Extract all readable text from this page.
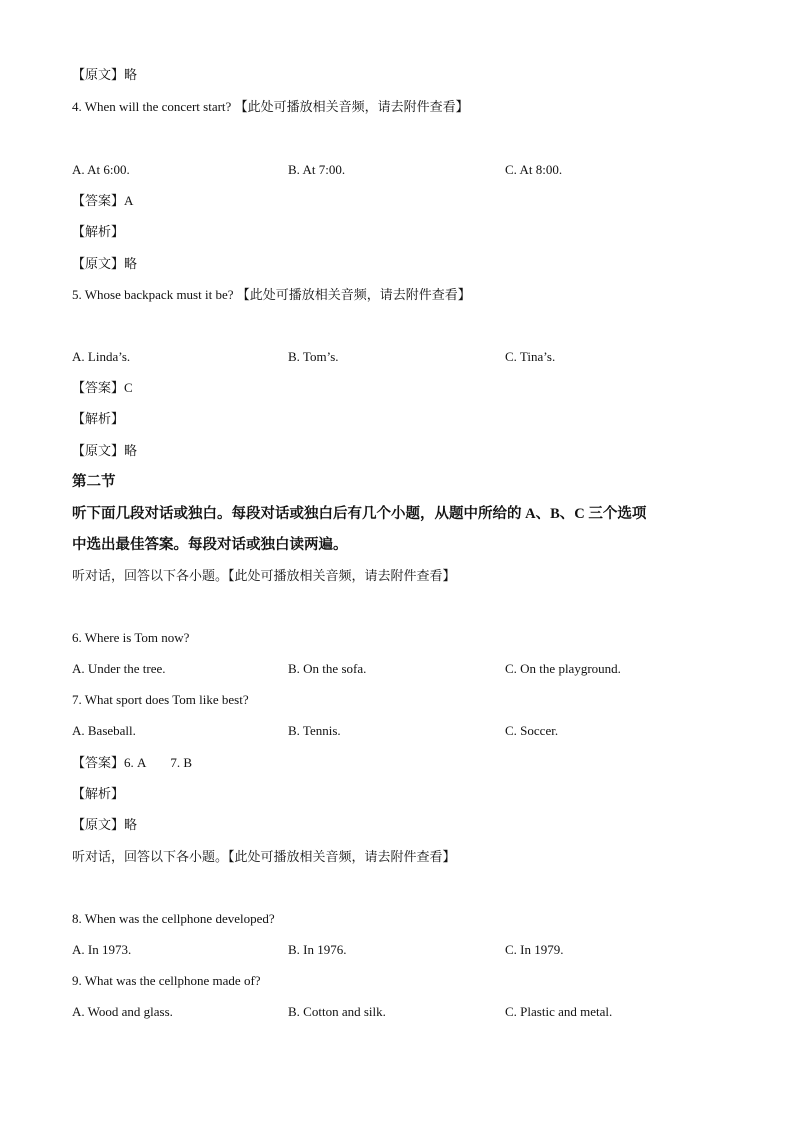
【原文】略
4. When will the concert start? 【此处可播放相关音频，请去附件查看】
A. At 6:00.	B. At 7:00.	C. At 8:00.
【答案】A
【解析】
【原文】略
5. Whose backpack must it be? 【此处可播放相关音频，请去附件查看】
A. Linda’s.	B. Tom’s.	C. Tina’s.
【答案】C
【解析】
【原文】略
第二节
听下面几段对话或独白。每段对话或独白后有几个小题，从题中所给的 A、B、C 三个选项
中选出最佳答案。每段对话或独白读两遍。
听对话，回答以下各小题。【此处可播放相关音频，请去附件查看】
6. Where is Tom now?
A. Under the tree.	B. On the sofa.	C. On the playground.
7. What sport does Tom like best?
A. Baseball.	B. Tennis.	C. Soccer.
【答案】6. A 7. B
【解析】
【原文】略
听对话，回答以下各小题。【此处可播放相关音频，请去附件查看】
8. When was the cellphone developed?
A. In 1973.	B. In 1976.	C. In 1979.
9. What was the cellphone made of?
A. Wood and glass.	B. Cotton and silk.	C. Plastic and metal.
